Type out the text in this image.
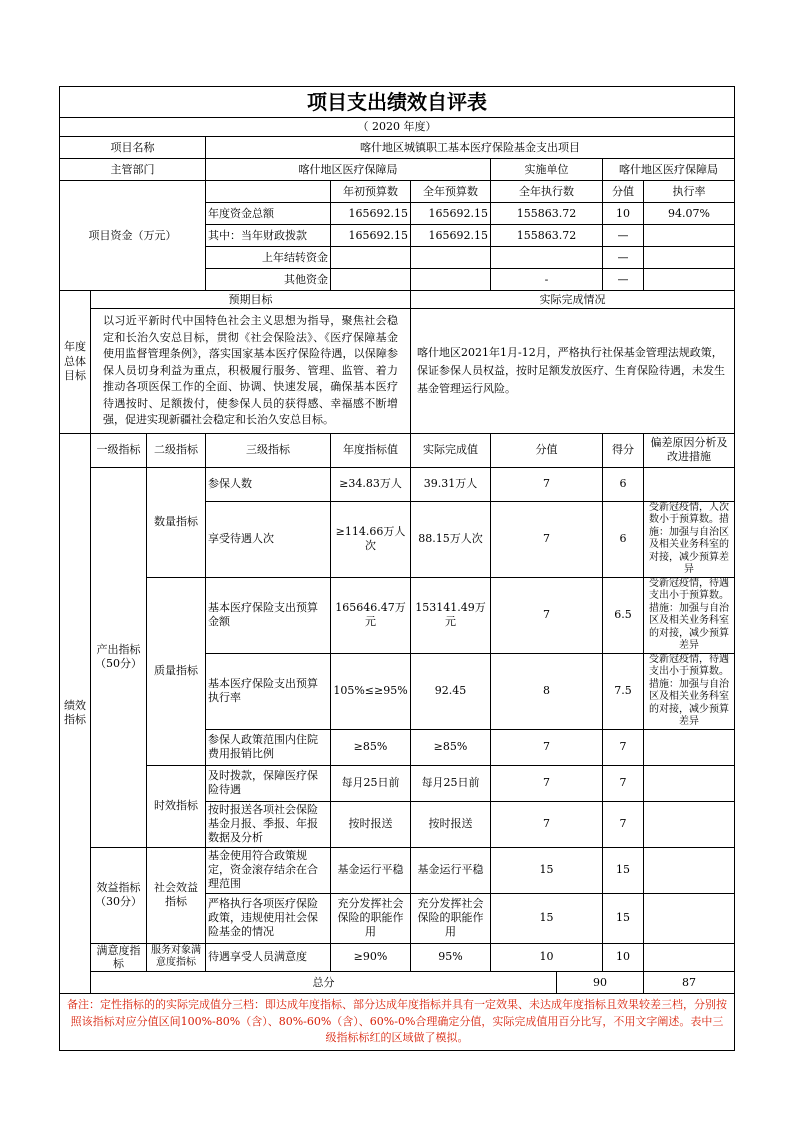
项目支出绩效自评表										
（ 2020 年度）										
项目名称			喀什地区城镇职工基本医疗保险基金支出项目							
主管部门			喀什地区医疗保障局			实施单位		喀什地区医疗保障局		
项目资金（万元）				年初预算数	全年预算数	全年执行数		分值	执行率	
			年度资金总额	165692.15	165692.15	155863.72		10	94.07%	
			其中：当年财政拨款	165692.15	165692.15	155863.72		—		
			上年结转资金					—		
			其他资金			-		—		
年度总体目标	预期目标				实际完成情况					
	以习近平新时代中国特色社会主义思想为指导，聚焦社会稳定和长治久安总目标，贯彻《社会保险法》、《医疗保障基金使用监督管理条例》，落实国家基本医疗保险待遇，以保障参保人员切身利益为重点，积极履行服务、管理、监管、着力推动各项医保工作的全面、协调、快速发展，确保基本医疗待遇按时、足额拨付，使参保人员的获得感、幸福感不断增强，促进实现新疆社会稳定和长治久安总目标。				喀什地区2021年1月-12月，严格执行社保基金管理法规政策，保证参保人员权益，按时足额发放医疗、生育保险待遇，未发生基金管理运行风险。					
绩效指标	一级指标	二级指标	三级指标	年度指标值	实际完成值	分值		得分	偏差原因分析及改进措施	
	产出指标（50分）	数量指标	参保人数	≥34.83万人	39.31万人	7		6		
			享受待遇人次	≥114.66万人次	88.15万人次	7		6	受新冠疫情，人次数小于预算数。措施：加强与自治区及相关业务科室的对接，减少预算差异	
		质量指标	基本医疗保险支出预算金额	165646.47万元	153141.49万元	7		6.5	受新冠疫情，待遇支出小于预算数。措施：加强与自治区及相关业务科室的对接，减少预算差异	
			基本医疗保险支出预算执行率	105%≤≥95%	92.45	8		7.5	受新冠疫情，待遇支出小于预算数。措施：加强与自治区及相关业务科室的对接，减少预算差异	
			参保人政策范围内住院费用报销比例	≥85%	≥85%	7		7		
		时效指标	及时拨款，保障医疗保险待遇	每月25日前	每月25日前	7		7		
			按时报送各项社会保险基金月报、季报、年报数据及分析	按时报送	按时报送	7		7		
	效益指标（30分）	社会效益指标	基金使用符合政策规定，资金滚存结余在合理范围	基金运行平稳	基金运行平稳	15		15		
			严格执行各项医疗保险政策，违规使用社会保险基金的情况	充分发挥社会保险的职能作用	充分发挥社会保险的职能作用	15		15		
	满意度指标	服务对象满意度指标	待遇享受人员满意度	≥90%	95%	10		10		
	总分						90		87	
备注：定性指标的的实际完成值分三档：即达成年度指标、部分达成年度指标并具有一定效果、未达成年度指标且效果较差三档，分别按照该指标对应分值区间100%-80%（含）、80%-60%（含）、60%-0%合理确定分值，实际完成值用百分比写，不用文字阐述。表中三级指标标红的区域做了模拟。										
